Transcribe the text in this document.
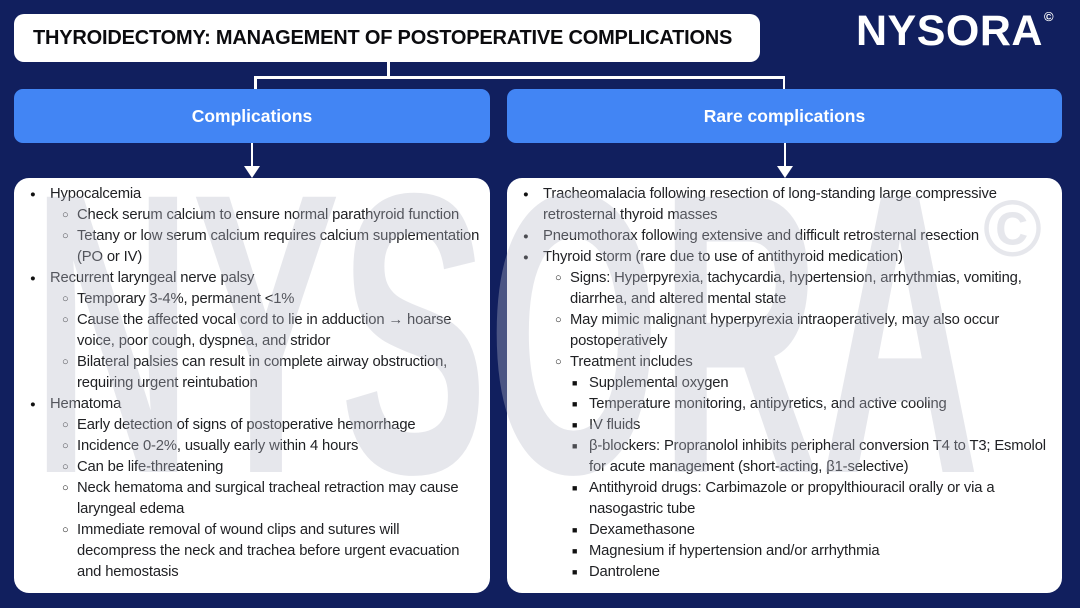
THYROIDECTOMY: MANAGEMENT OF POSTOPERATIVE COMPLICATIONS	NYSORA©
Complications	Rare complications
● Hypocalcemia
○ Check serum calcium to ensure normal parathyroid function
○ Tetany or low serum calcium requires calcium supplementation (PO or IV)
● Recurrent laryngeal nerve palsy
○ Temporary 3-4%, permanent <1%
○ Cause the affected vocal cord to lie in adduction → hoarse voice, poor cough, dyspnea, and stridor
○ Bilateral palsies can result in complete airway obstruction, requiring urgent reintubation
● Hematoma
○ Early detection of signs of postoperative hemorrhage
○ Incidence 0-2%, usually early within 4 hours
○ Can be life-threatening
○ Neck hematoma and surgical tracheal retraction may cause laryngeal edema
○ Immediate removal of wound clips and sutures will decompress the neck and trachea before urgent evacuation and hemostasis
● Tracheomalacia following resection of long-standing large compressive retrosternal thyroid masses
● Pneumothorax following extensive and difficult retrosternal resection
● Thyroid storm (rare due to use of antithyroid medication)
○ Signs: Hyperpyrexia, tachycardia, hypertension, arrhythmias, vomiting, diarrhea, and altered mental state
○ May mimic malignant hyperpyrexia intraoperatively, may also occur postoperatively
○ Treatment includes
■ Supplemental oxygen
■ Temperature monitoring, antipyretics, and active cooling
■ IV fluids
■ β-blockers: Propranolol inhibits peripheral conversion T4 to T3; Esmolol for acute management (short-acting, β1-selective)
■ Antithyroid drugs: Carbimazole or propylthiouracil orally or via a nasogastric tube
■ Dexamethasone
■ Magnesium if hypertension and/or arrhythmia
■ Dantrolene
NYSORA ©
